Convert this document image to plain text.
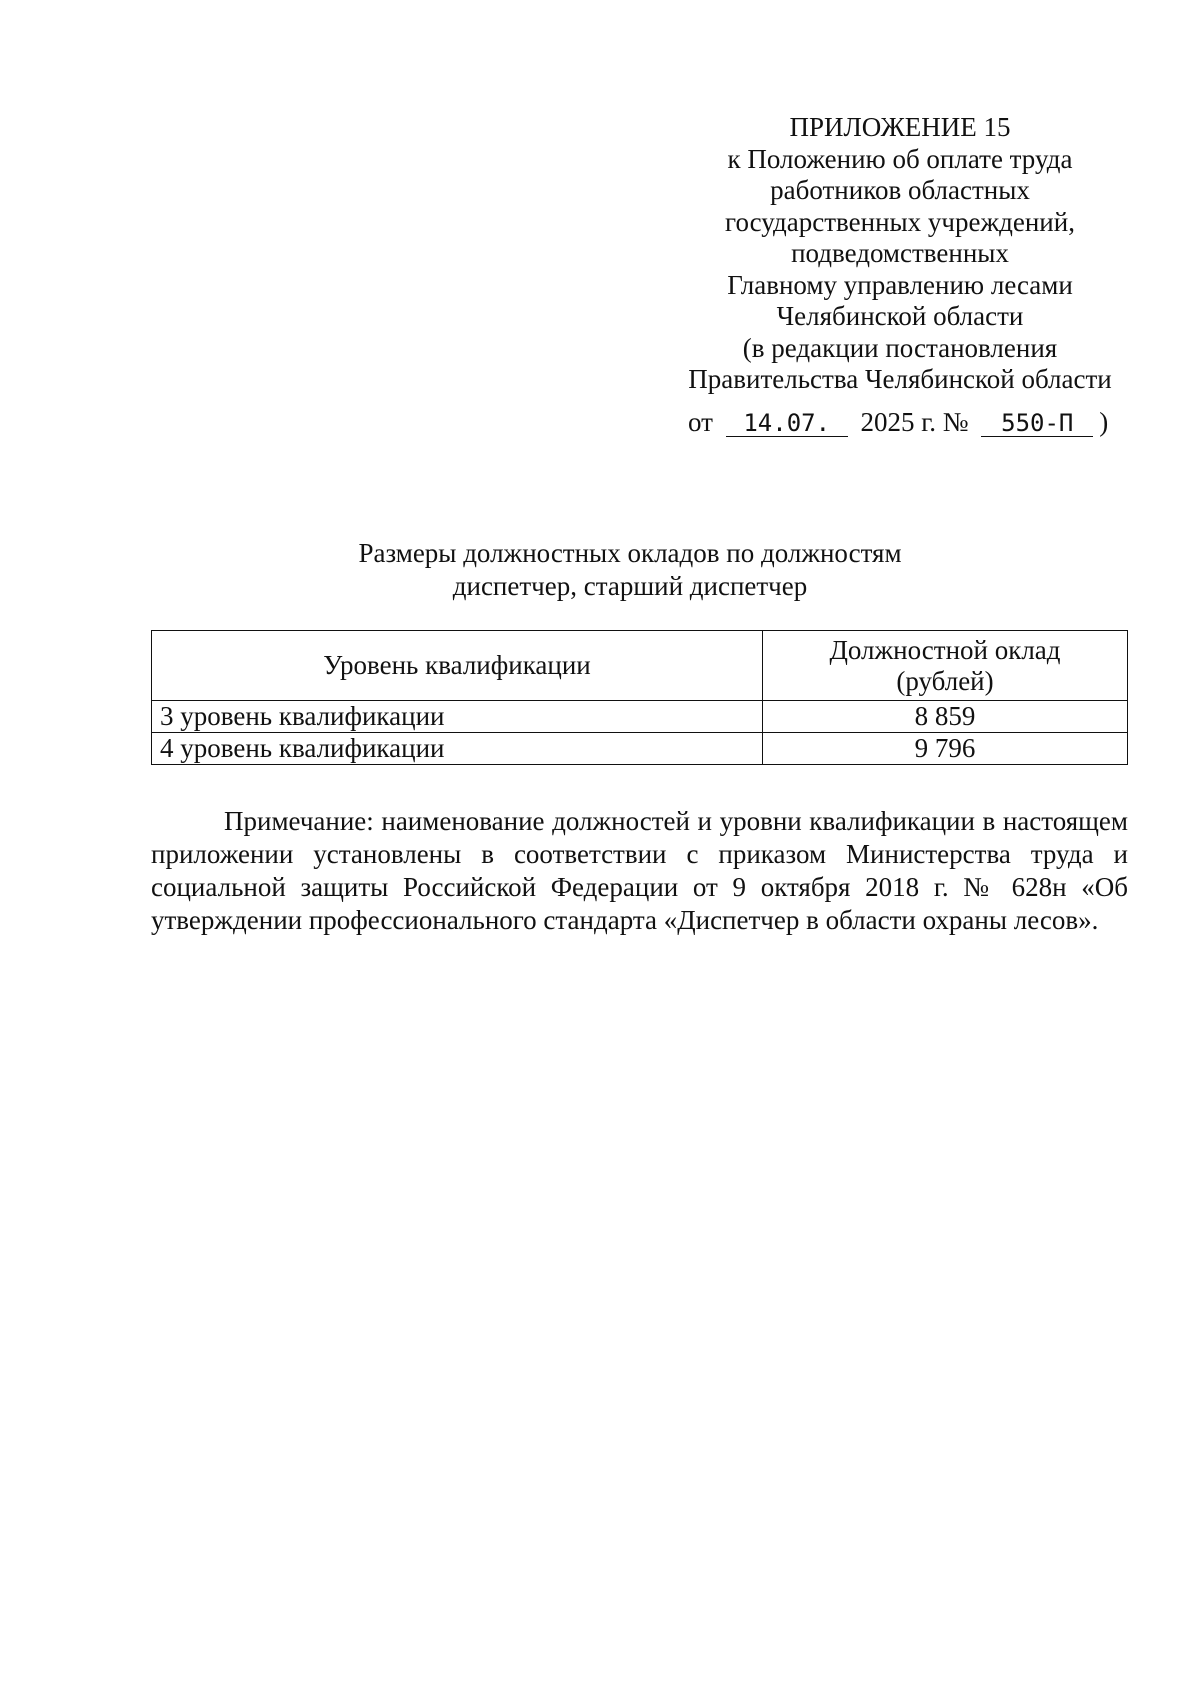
ПРИЛОЖЕНИЕ 15
к Положению об оплате труда
работников областных
государственных учреждений,
подведомственных
Главному управлению лесами
Челябинской области
(в редакции постановления
Правительства Челябинской области
от 14.07. 2025 г. № 550-П )
Размеры должностных окладов по должностям
диспетчер, старший диспетчер
Уровень квалификации	Должностной оклад
(рублей)
3 уровень квалификации	8 859
4 уровень квалификации	9 796

Примечание: наименование должностей и уровни квалификации в настоящем приложении установлены в соответствии с приказом Министерства труда и социальной защиты Российской Федерации от 9 октября 2018 г. № 628н «Об утверждении профессионального стандарта «Диспетчер в области охраны лесов».
